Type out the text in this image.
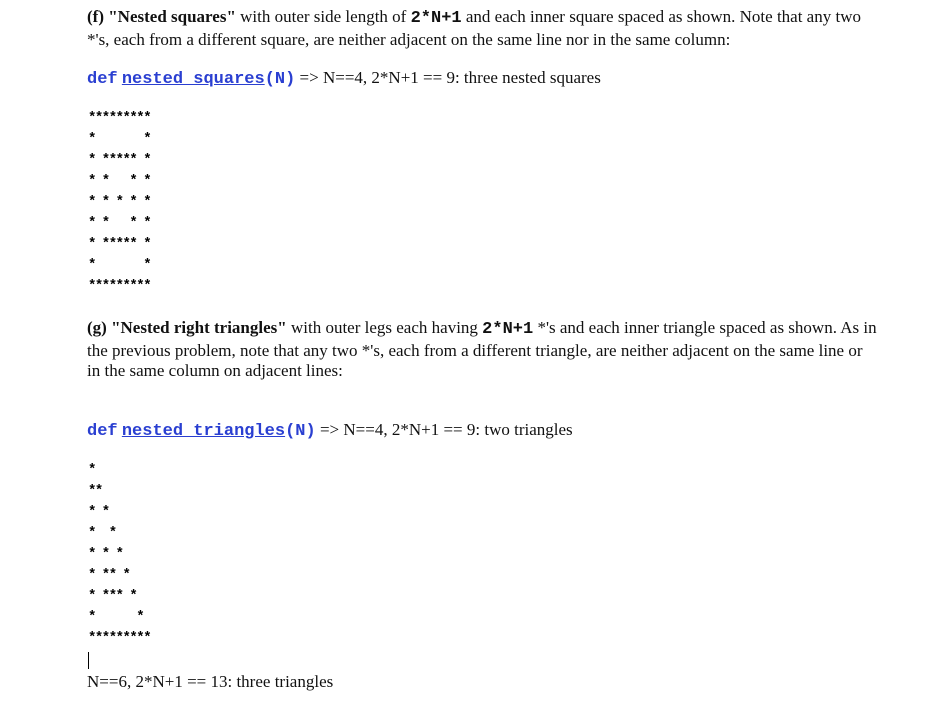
(f) "Nested squares" with outer side length of 2*N+1 and each inner square spaced as shown. Note that any two *'s, each from a different square, are neither adjacent on the same line nor in the same column:
def nested_squares(N) => N==4, 2*N+1 == 9: three nested squares
*********
*       *
* ***** *
* *   * *
* * * * *
* *   * *
* ***** *
*       *
*********
(g) "Nested right triangles" with outer legs each having 2*N+1 *'s and each inner triangle spaced as shown. As in the previous problem, note that any two *'s, each from a different triangle, are neither adjacent on the same line or in the same column on adjacent lines:
def nested_triangles(N) => N==4, 2*N+1 == 9: two triangles
*
**
* *
*  *
* * *
* ** *
* *** *
*      *
*********
N==6, 2*N+1 == 13: three triangles
